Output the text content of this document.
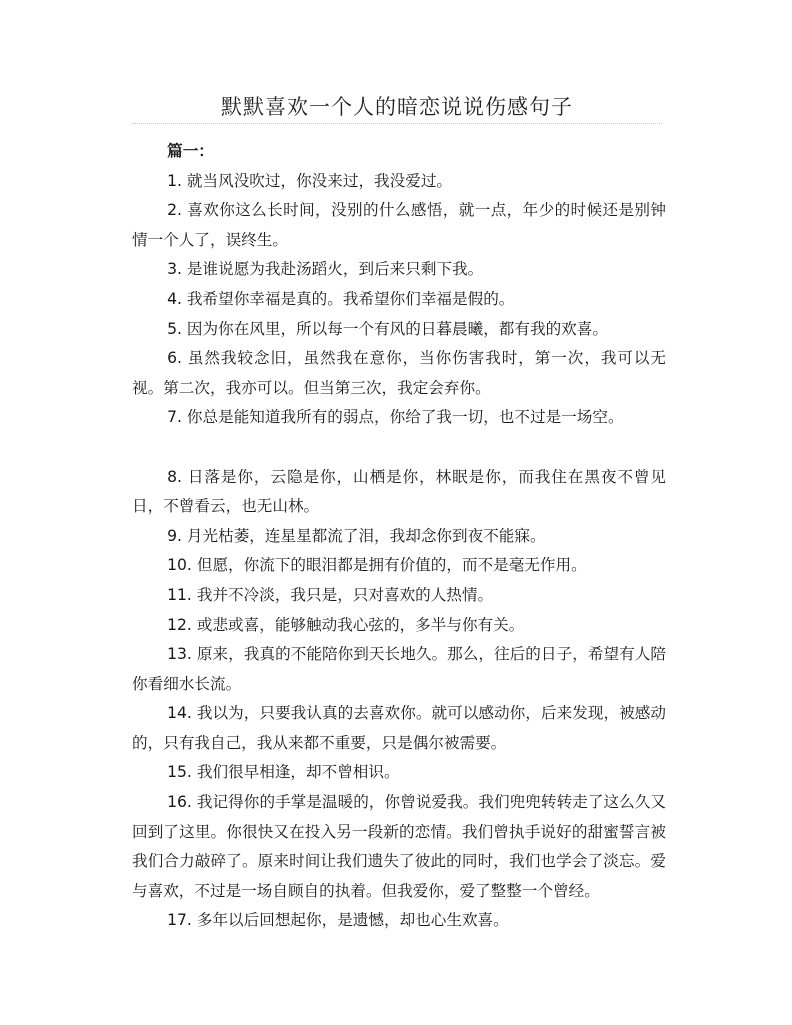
默默喜欢一个人的暗恋说说伤感句子

篇一：

1. 就当风没吹过，你没来过，我没爱过。

2. 喜欢你这么长时间，没别的什么感悟，就一点，年少的时候还是别钟情一个人了，误终生。

3. 是谁说愿为我赴汤蹈火，到后来只剩下我。

4. 我希望你幸福是真的。我希望你们幸福是假的。

5. 因为你在风里，所以每一个有风的日暮晨曦，都有我的欢喜。

6. 虽然我较念旧，虽然我在意你，当你伤害我时，第一次，我可以无视。第二次，我亦可以。但当第三次，我定会弃你。

7. 你总是能知道我所有的弱点，你给了我一切，也不过是一场空。

8. 日落是你，云隐是你，山栖是你，林眠是你，而我住在黑夜不曾见日，不曾看云，也无山林。

9. 月光枯萎，连星星都流了泪，我却念你到夜不能寐。

10. 但愿，你流下的眼泪都是拥有价值的，而不是毫无作用。

11. 我并不冷淡，我只是，只对喜欢的人热情。

12. 或悲或喜，能够触动我心弦的，多半与你有关。

13. 原来，我真的不能陪你到天长地久。那么，往后的日子，希望有人陪你看细水长流。

14. 我以为，只要我认真的去喜欢你。就可以感动你，后来发现，被感动的，只有我自己，我从来都不重要，只是偶尔被需要。

15. 我们很早相逢，却不曾相识。

16. 我记得你的手掌是温暖的，你曾说爱我。我们兜兜转转走了这么久又回到了这里。你很快又在投入另一段新的恋情。我们曾执手说好的甜蜜誓言被我们合力敲碎了。原来时间让我们遗失了彼此的同时，我们也学会了淡忘。爱与喜欢，不过是一场自顾自的执着。但我爱你，爱了整整一个曾经。

17. 多年以后回想起你，是遗憾，却也心生欢喜。
